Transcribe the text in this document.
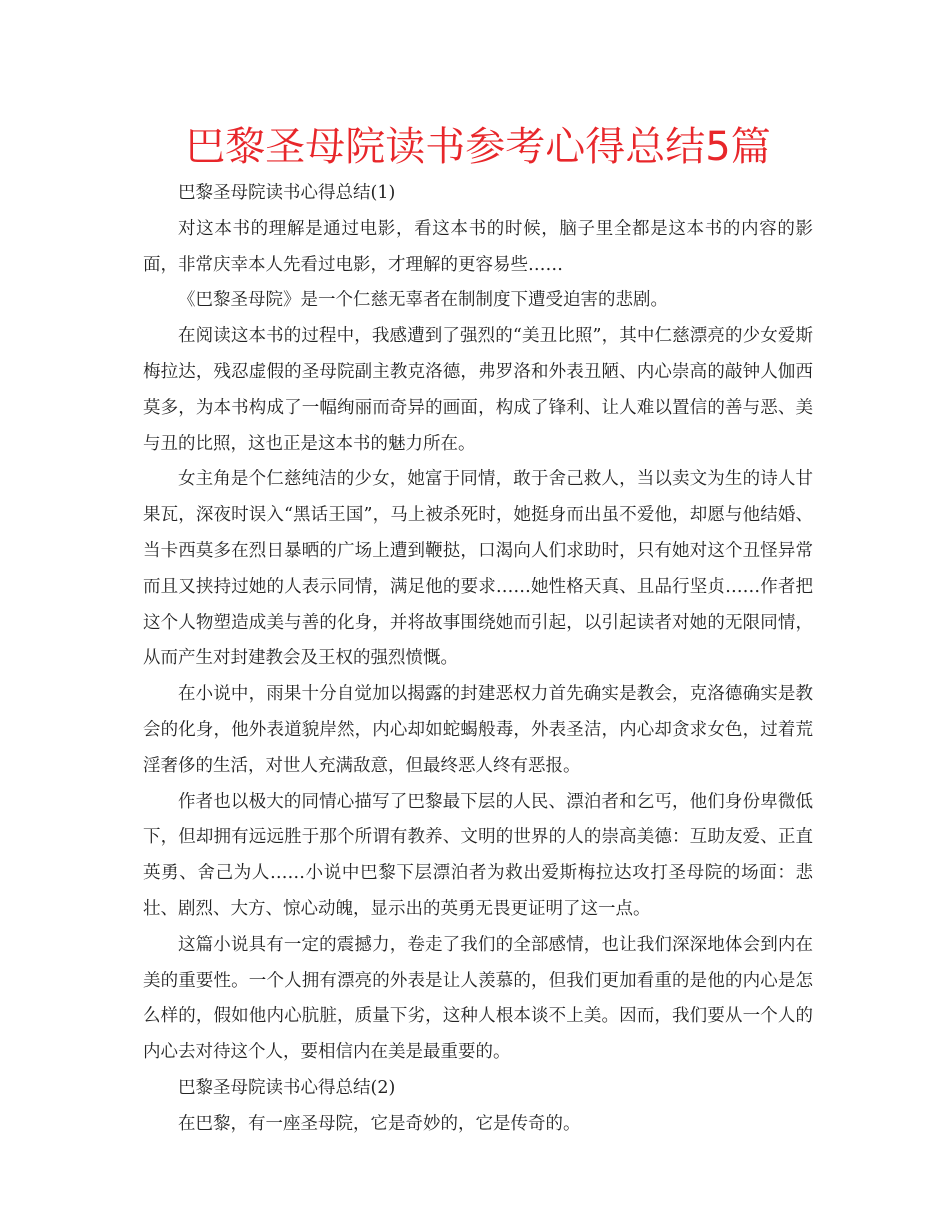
巴黎圣母院读书参考心得总结5篇

巴黎圣母院读书心得总结(1)

对这本书的理解是通过电影，看这本书的时候，脑子里全都是这本书的内容的影面，非常庆幸本人先看过电影，才理解的更容易些……

《巴黎圣母院》是一个仁慈无辜者在制制度下遭受迫害的悲剧。

在阅读这本书的过程中，我感遭到了强烈的“美丑比照”，其中仁慈漂亮的少女爱斯梅拉达，残忍虚假的圣母院副主教克洛德，弗罗洛和外表丑陋、内心崇高的敲钟人伽西莫多，为本书构成了一幅绚丽而奇异的画面，构成了锋利、让人难以置信的善与恶、美与丑的比照，这也正是这本书的魅力所在。

女主角是个仁慈纯洁的少女，她富于同情，敢于舍己救人，当以卖文为生的诗人甘果瓦，深夜时误入“黑话王国”，马上被杀死时，她挺身而出虽不爱他，却愿与他结婚、当卡西莫多在烈日暴晒的广场上遭到鞭挞，口渴向人们求助时，只有她对这个丑怪异常而且又挟持过她的人表示同情，满足他的要求……她性格天真、且品行坚贞……作者把这个人物塑造成美与善的化身，并将故事围绕她而引起，以引起读者对她的无限同情，从而产生对封建教会及王权的强烈愤慨。

在小说中，雨果十分自觉加以揭露的封建恶权力首先确实是教会，克洛德确实是教会的化身，他外表道貌岸然，内心却如蛇蝎般毒，外表圣洁，内心却贪求女色，过着荒淫奢侈的生活，对世人充满敌意，但最终恶人终有恶报。

作者也以极大的同情心描写了巴黎最下层的人民、漂泊者和乞丐，他们身份卑微低下，但却拥有远远胜于那个所谓有教养、文明的世界的人的崇高美德：互助友爱、正直英勇、舍己为人……小说中巴黎下层漂泊者为救出爱斯梅拉达攻打圣母院的场面：悲壮、剧烈、大方、惊心动魄，显示出的英勇无畏更证明了这一点。

这篇小说具有一定的震撼力，卷走了我们的全部感情，也让我们深深地体会到内在美的重要性。一个人拥有漂亮的外表是让人羡慕的，但我们更加看重的是他的内心是怎么样的，假如他内心肮脏，质量下劣，这种人根本谈不上美。因而，我们要从一个人的内心去对待这个人，要相信内在美是最重要的。

巴黎圣母院读书心得总结(2)

在巴黎，有一座圣母院，它是奇妙的，它是传奇的。
